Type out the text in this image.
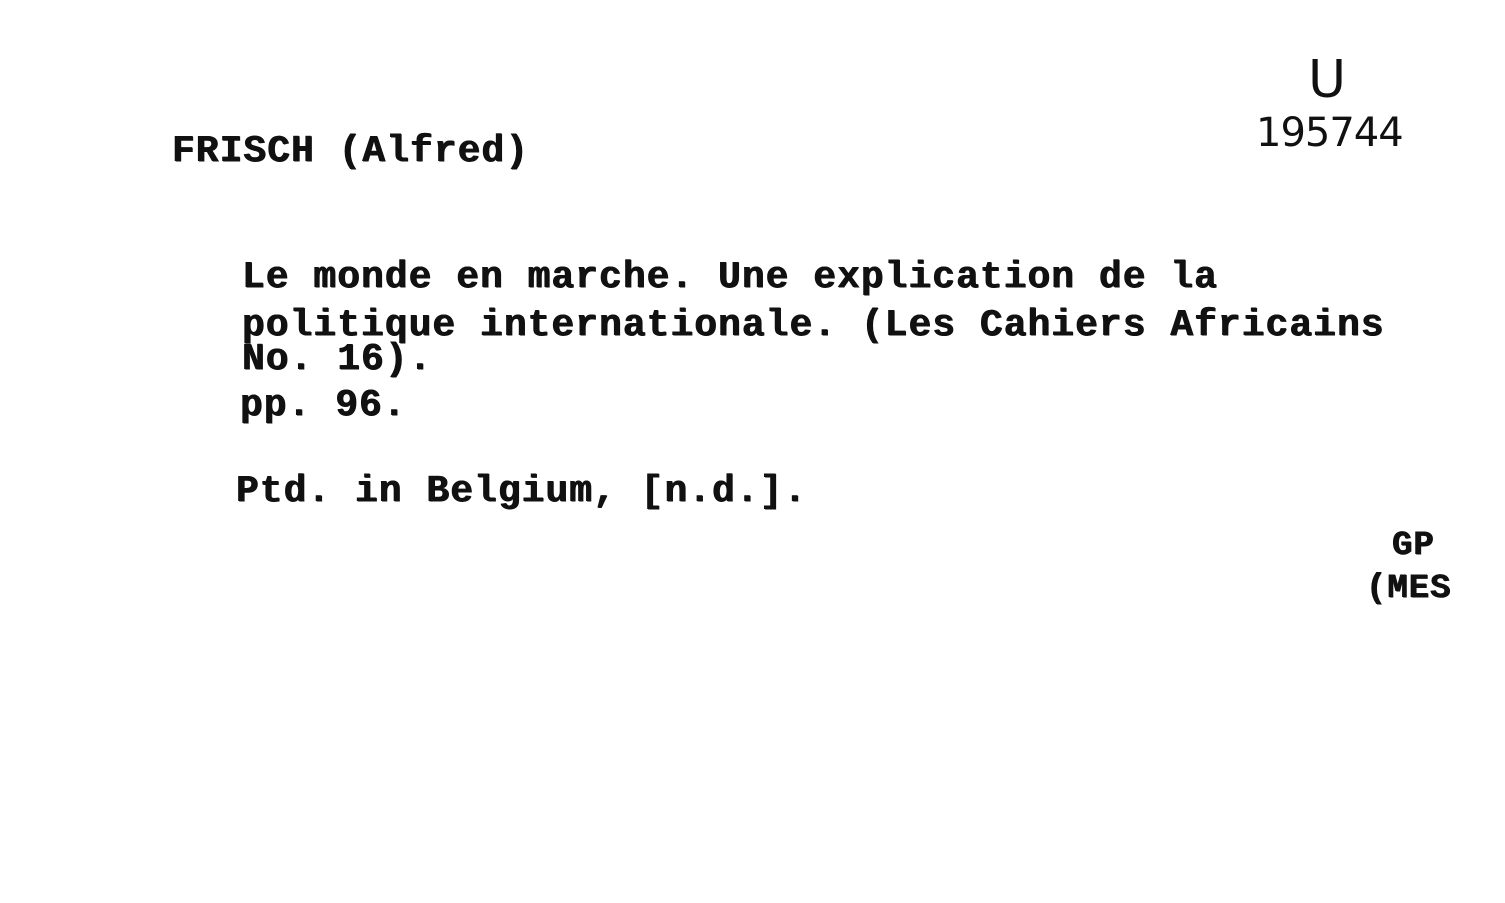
FRISCH (Alfred)

U

195744

Le monde en marche. Une explication de la

politique internationale. (Les Cahiers Africains

No. 16).

pp. 96.

Ptd. in Belgium, [n.d.].

GP

(MES
